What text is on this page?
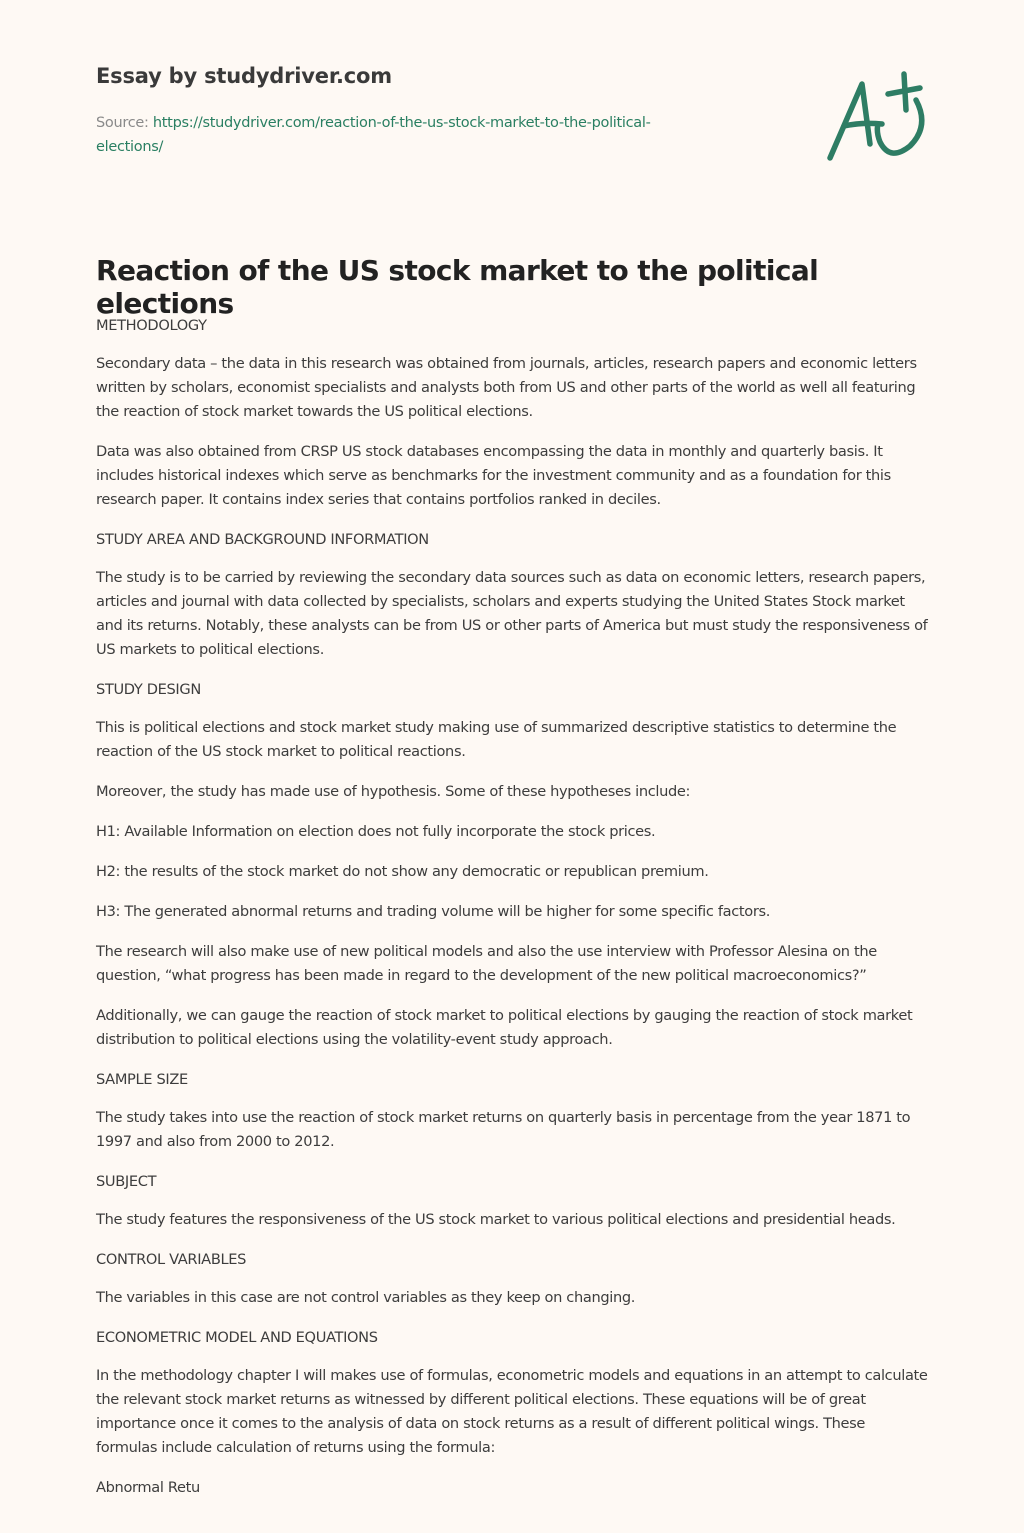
Essay by studydriver.com
Source: https://studydriver.com/reaction-of-the-us-stock-market-to-the-political-elections/
Reaction of the US stock market to the political elections

METHODOLOGY

Secondary data – the data in this research was obtained from journals, articles, research papers and economic letters written by scholars, economist specialists and analysts both from US and other parts of the world as well all featuring the reaction of stock market towards the US political elections.

Data was also obtained from CRSP US stock databases encompassing the data in monthly and quarterly basis. It includes historical indexes which serve as benchmarks for the investment community and as a foundation for this research paper. It contains index series that contains portfolios ranked in deciles.

STUDY AREA AND BACKGROUND INFORMATION

The study is to be carried by reviewing the secondary data sources such as data on economic letters, research papers, articles and journal with data collected by specialists, scholars and experts studying the United States Stock market and its returns. Notably, these analysts can be from US or other parts of America but must study the responsiveness of US markets to political elections.

STUDY DESIGN

This is political elections and stock market study making use of summarized descriptive statistics to determine the reaction of the US stock market to political reactions.

Moreover, the study has made use of hypothesis. Some of these hypotheses include:

H1: Available Information on election does not fully incorporate the stock prices.

H2: the results of the stock market do not show any democratic or republican premium.

H3: The generated abnormal returns and trading volume will be higher for some specific factors.

The research will also make use of new political models and also the use interview with Professor Alesina on the question, “what progress has been made in regard to the development of the new political macroeconomics?”

Additionally, we can gauge the reaction of stock market to political elections by gauging the reaction of stock market distribution to political elections using the volatility-event study approach.

SAMPLE SIZE

The study takes into use the reaction of stock market returns on quarterly basis in percentage from the year 1871 to 1997 and also from 2000 to 2012.

SUBJECT

The study features the responsiveness of the US stock market to various political elections and presidential heads.

CONTROL VARIABLES

The variables in this case are not control variables as they keep on changing.

ECONOMETRIC MODEL AND EQUATIONS

In the methodology chapter I will makes use of formulas, econometric models and equations in an attempt to calculate the relevant stock market returns as witnessed by different political elections. These equations will be of great importance once it comes to the analysis of data on stock returns as a result of different political wings. These formulas include calculation of returns using the formula:

Abnormal Retu
